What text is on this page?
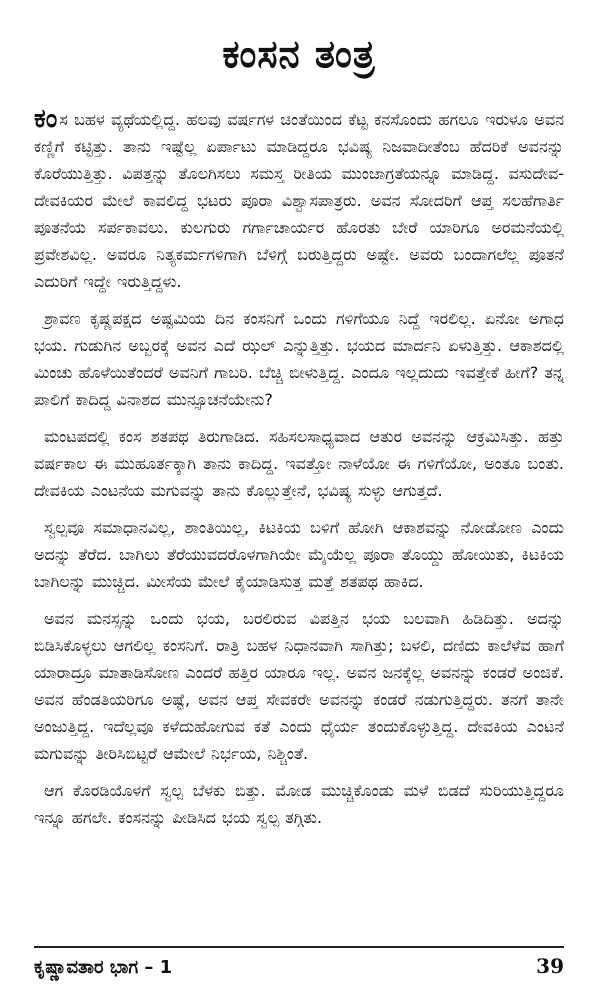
ಕಂಸನ ತಂತ್ರ

ಕಂಸ ಬಹಳ ವ್ಯಥೆಯಲ್ಲಿದ್ದ. ಹಲವು ವರ್ಷಗಳ ಚಿಂತೆಯಿಂದ ಕೆಟ್ಟ ಕನಸೊಂದು ಹಗಲೂ ಇರುಳೂ ಅವನ ಕಣ್ಣಿಗೆ ಕಟ್ಟಿತ್ತು. ತಾನು ಇಷ್ಟೆಲ್ಲ ಏರ್ಪಾಟು ಮಾಡಿದ್ದರೂ ಭವಿಷ್ಯ ನಿಜವಾದೀತೆಂಬ ಹೆದರಿಕೆ ಅವನನ್ನು ಕೊರೆಯುತ್ತಿತ್ತು. ವಿಪತ್ತನ್ನು ತೊಲಗಿಸಲು ಸಮಸ್ತ ರೀತಿಯ ಮುಂಜಾಗ್ರತೆಯನ್ನೂ ಮಾಡಿದ್ದ. ವಸುದೇವ-ದೇವಕಿಯರ ಮೇಲೆ ಕಾವಲಿದ್ದ ಭಟರು ಪೂರಾ ವಿಶ್ವಾಸಪಾತ್ರರು. ಅವನ ಸೋದರಿಗೆ ಆಪ್ತ ಸಲಹೆಗಾರ್ತಿ ಪೂತನೆಯ ಸರ್ಪಕಾವಲು. ಕುಲಗುರು ಗರ್ಗಾಚಾರ್ಯರ ಹೊರತು ಬೇರೆ ಯಾರಿಗೂ ಅರಮನೆಯಲ್ಲಿ ಪ್ರವೇಶವಿಲ್ಲ. ಅವರೂ ನಿತ್ಯಕರ್ಮಗಳಿಗಾಗಿ ಬೆಳಿಗ್ಗೆ ಬರುತ್ತಿದ್ದರು ಅಷ್ಟೇ. ಅವರು ಬಂದಾಗಲೆಲ್ಲ ಪೂತನೆ ಎದುರಿಗೆ ಇದ್ದೇ ಇರುತ್ತಿದ್ದಳು.

ಶ್ರಾವಣ ಕೃಷ್ಣಪಕ್ಷದ ಅಷ್ಟಮಿಯ ದಿನ ಕಂಸನಿಗೆ ಒಂದು ಗಳಿಗೆಯೂ ನಿದ್ದೆ ಇರಲಿಲ್ಲ. ಏನೋ ಅಗಾಧ ಭಯ. ಗುಡುಗಿನ ಅಬ್ಬರಕ್ಕೆ ಅವನ ಎದೆ ಝಲ್ ಎನ್ನುತ್ತಿತ್ತು. ಭಯದ ಮಾರ್ದನಿ ಏಳುತ್ತಿತ್ತು. ಆಕಾಶದಲ್ಲಿ ಮಿಂಚು ಹೊಳೆಯಿತೆಂದರೆ ಅವನಿಗೆ ಗಾಬರಿ. ಬೆಚ್ಚಿ ಬೀಳುತ್ತಿದ್ದ. ಎಂದೂ ಇಲ್ಲದುದು ಇವತ್ತೇಕೆ ಹೀಗೆ? ತನ್ನ ಪಾಲಿಗೆ ಕಾದಿದ್ದ ವಿನಾಶದ ಮುನ್ಸೂಚನೆಯೇನು?

ಮಂಟಪದಲ್ಲಿ ಕಂಸ ಶತಪಥ ತಿರುಗಾಡಿದ. ಸಹಿಸಲಸಾಧ್ಯವಾದ ಆತುರ ಅವನನ್ನು ಆಕ್ರಮಿಸಿತ್ತು. ಹತ್ತು ವರ್ಷಕಾಲ ಈ ಮುಹೂರ್ತಕ್ಕಾಗಿ ತಾನು ಕಾದಿದ್ದ. ಇವತ್ತೋ ನಾಳೆಯೋ ಈ ಗಳಿಗೆಯೋ, ಅಂತೂ ಬಂತು. ದೇವಕಿಯ ಎಂಟನೆಯ ಮಗುವನ್ನು ತಾನು ಕೊಲ್ಲುತ್ತೇನೆ, ಭವಿಷ್ಯ ಸುಳ್ಳು ಆಗುತ್ತದೆ.

ಸ್ವಲ್ಪವೂ ಸಮಾಧಾನವಿಲ್ಲ, ಶಾಂತಿಯಿಲ್ಲ, ಕಿಟಕಿಯ ಬಳಿಗೆ ಹೋಗಿ ಆಕಾಶವನ್ನು ನೋಡೋಣ ಎಂದು ಅದನ್ನು ತೆರೆದ. ಬಾಗಿಲು ತೆರೆಯುವದರೊಳಗಾಗಿಯೇ ಮೈಯೆಲ್ಲ ಪೂರಾ ತೊಯ್ದು ಹೋಯಿತು, ಕಿಟಕಿಯ ಬಾಗಿಲನ್ನು ಮುಚ್ಚಿದ. ಮೀಸೆಯ ಮೇಲೆ ಕೈಯಾಡಿಸುತ್ತ ಮತ್ತೆ ಶತಪಥ ಹಾಕಿದ.

ಅವನ ಮನಸ್ಸನ್ನು ಒಂದು ಭಯ, ಬರಲಿರುವ ವಿಪತ್ತಿನ ಭಯ ಬಲವಾಗಿ ಹಿಡಿದಿತ್ತು. ಅದನ್ನು ಬಿಡಿಸಿಕೊಳ್ಳಲು ಆಗಲಿಲ್ಲ ಕಂಸನಿಗೆ. ರಾತ್ರಿ ಬಹಳ ನಿಧಾನವಾಗಿ ಸಾಗಿತ್ತು; ಬಳಲಿ, ದಣಿದು ಕಾಲೆಳೆವ ಹಾಗೆ ಯಾರಾದ್ರೂ ಮಾತಾಡಿಸೋಣ ಎಂದರೆ ಹತ್ತಿರ ಯಾರೂ ಇಲ್ಲ. ಅವನ ಜನಕ್ಕೆಲ್ಲ ಅವನನ್ನು ಕಂಡರೆ ಅಂಜಿಕೆ. ಅವನ ಹೆಂಡತಿಯರಿಗೂ ಅಷ್ಟೆ, ಅವನ ಆಪ್ತ ಸೇವಕರೇ ಅವನನ್ನು ಕಂಡರೆ ನಡುಗುತ್ತಿದ್ದರು. ತನಗೆ ತಾನೇ ಅಂಜುತ್ತಿದ್ದ. ಇದೆಲ್ಲವೂ ಕಳೆದುಹೋಗುವ ಕತೆ ಎಂದು ಧೈರ್ಯ ತಂದುಕೊಳ್ಳುತ್ತಿದ್ದ. ದೇವಕಿಯ ಎಂಟನೆ ಮಗುವನ್ನು ತೀರಿಸಿಬಿಟ್ಟರೆ ಆಮೇಲೆ ನಿರ್ಭಯ, ನಿಶ್ಚಿಂತೆ.

ಆಗ ಕೊರಡಿಯೊಳಗೆ ಸ್ವಲ್ಪ ಬೆಳಕು ಬಿತ್ತು. ಮೋಡ ಮುಚ್ಚಿಕೊಂಡು ಮಳೆ ಬಿಡದೆ ಸುರಿಯುತ್ತಿದ್ದರೂ ಇನ್ನೂ ಹಗಲೇ. ಕಂಸನನ್ನು ಪೀಡಿಸಿದ ಭಯ ಸ್ವಲ್ಪ ತಗ್ಗಿತು.

ಕೃಷ್ಣಾವತಾರ ಭಾಗ – 1	39
